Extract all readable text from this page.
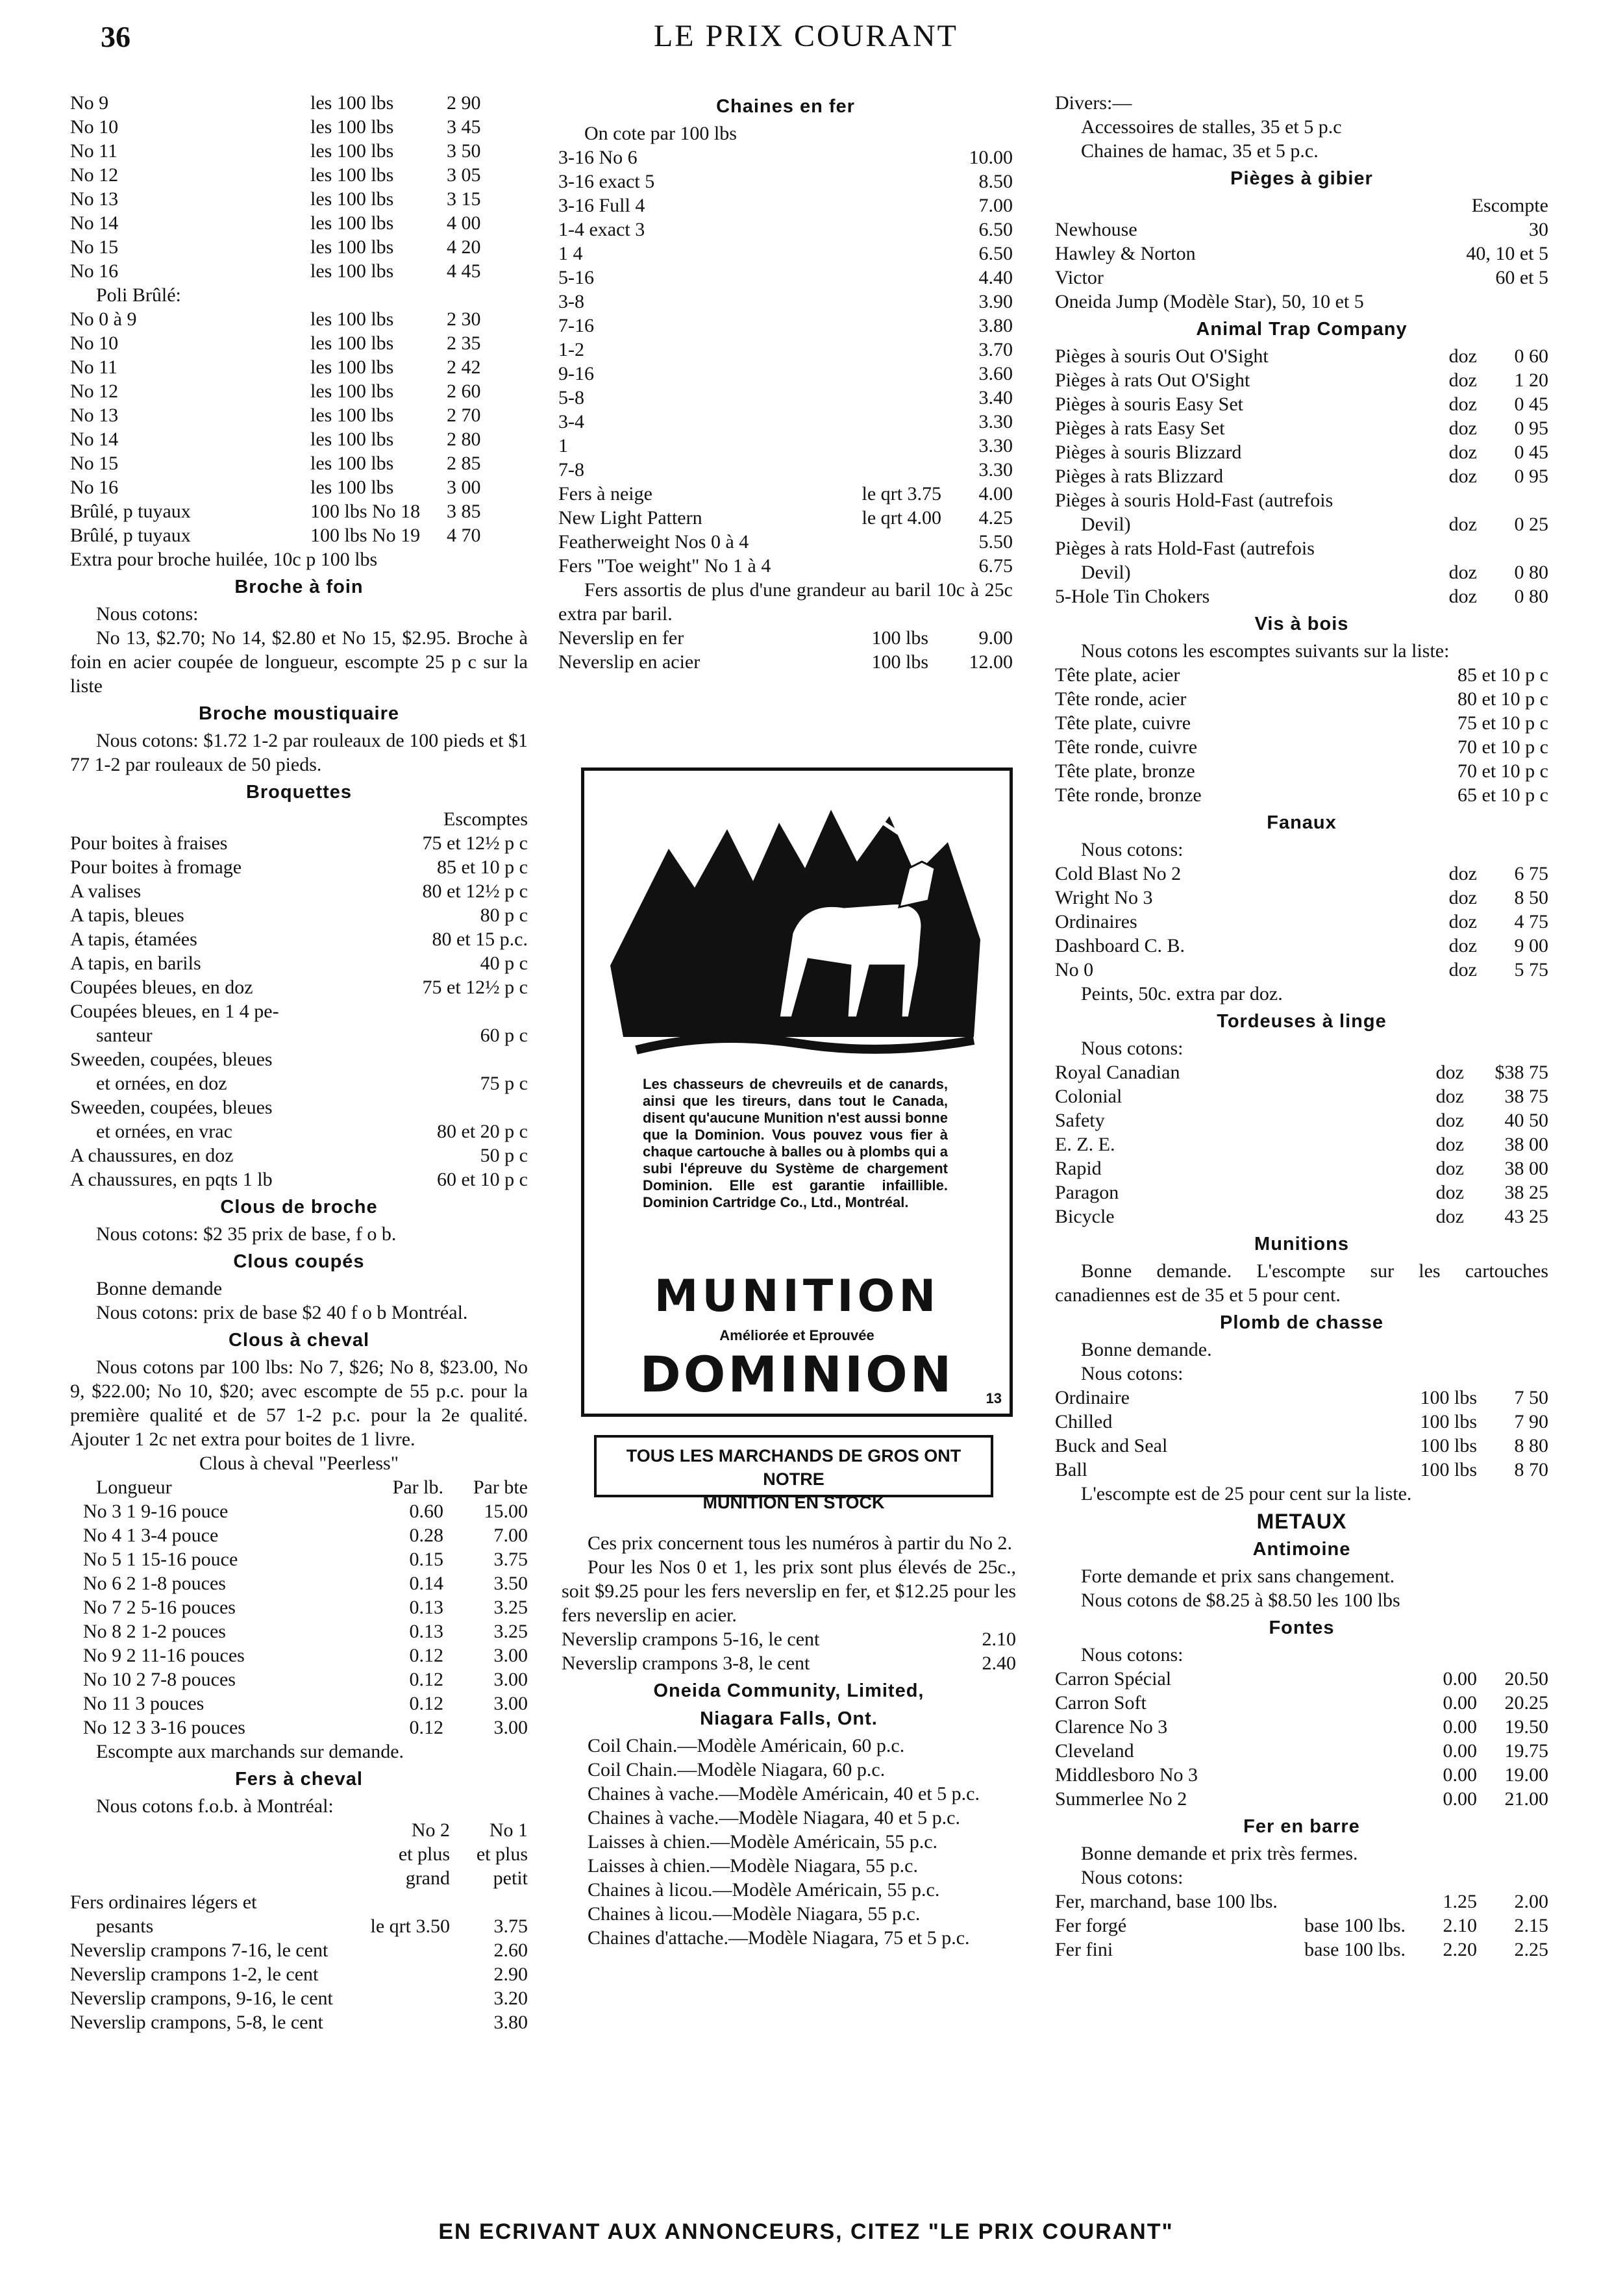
36	LE PRIX COURANT
No 9	les 100 lbs	2 90
No 10	les 100 lbs	3 45
No 11	les 100 lbs	3 50
No 12	les 100 lbs	3 05
No 13	les 100 lbs	3 15
No 14	les 100 lbs	4 00
No 15	les 100 lbs	4 20
No 16	les 100 lbs	4 45
Poli Brûlé:
No 0 à 9	les 100 lbs	2 30
No 10	les 100 lbs	2 35
No 11	les 100 lbs	2 42
No 12	les 100 lbs	2 60
No 13	les 100 lbs	2 70
No 14	les 100 lbs	2 80
No 15	les 100 lbs	2 85
No 16	les 100 lbs	3 00
Brûlé, p tuyaux	100 lbs No 18	3 85
Brûlé, p tuyaux	100 lbs No 19	4 70
Extra pour broche huilée, 10c p 100 lbs
Broche à foin
Nous cotons:
No 13, $2.70; No 14, $2.80 et No 15, $2.95. Broche à foin en acier coupée de longueur, escompte 25 p c sur la liste
Broche moustiquaire
Nous cotons: $1.72 1-2 par rouleaux de 100 pieds et $1 77 1-2 par rouleaux de 50 pieds.
Broquettes
Escomptes
Pour boites à fraises	75 et 12½ p c
Pour boites à fromage	85 et 10 p c
A valises	80 et 12½ p c
A tapis, bleues	80 p c
A tapis, étamées	80 et 15 p.c.
A tapis, en barils	40 p c
Coupées bleues, en doz	75 et 12½ p c
Coupées bleues, en 1 4 pe-
santeur	60 p c
Sweeden, coupées, bleues
et ornées, en doz	75 p c
Sweeden, coupées, bleues
et ornées, en vrac	80 et 20 p c
A chaussures, en doz	50 p c
A chaussures, en pqts 1 lb	60 et 10 p c
Clous de broche
Nous cotons: $2 35 prix de base, f o b.
Clous coupés
Bonne demande
Nous cotons: prix de base $2 40 f o b Montréal.
Clous à cheval
Nous cotons par 100 lbs: No 7, $26; No 8, $23.00, No 9, $22.00; No 10, $20; avec escompte de 55 p.c. pour la première qualité et de 57 1-2 p.c. pour la 2e qualité. Ajouter 1 2c net extra pour boites de 1 livre.
Clous à cheval "Peerless"
Longueur	Par lb.	Par bte
No 3 1 9-16 pouce	0.60	15.00
No 4 1 3-4 pouce	0.28	7.00
No 5 1 15-16 pouce	0.15	3.75
No 6 2 1-8 pouces	0.14	3.50
No 7 2 5-16 pouces	0.13	3.25
No 8 2 1-2 pouces	0.13	3.25
No 9 2 11-16 pouces	0.12	3.00
No 10 2 7-8 pouces	0.12	3.00
No 11 3 pouces	0.12	3.00
No 12 3 3-16 pouces	0.12	3.00
Escompte aux marchands sur demande.
Fers à cheval
Nous cotons f.o.b. à Montréal:
No 2	No 1
et plus	et plus
grand	petit
Fers ordinaires légers et
pesants	le qrt 3.50	3.75
Neverslip crampons 7-16, le cent	2.60
Neverslip crampons 1-2, le cent	2.90
Neverslip crampons, 9-16, le cent	3.20
Neverslip crampons, 5-8, le cent	3.80
Chaines en fer
On cote par 100 lbs
3-16 No 6	10.00
3-16 exact 5	8.50
3-16 Full 4	7.00
1-4 exact 3	6.50
1 4	6.50
5-16	4.40
3-8	3.90
7-16	3.80
1-2	3.70
9-16	3.60
5-8	3.40
3-4	3.30
1	3.30
7-8	3.30
Fers à neige	le qrt 3.75	4.00
New Light Pattern	le qrt 4.00	4.25
Featherweight Nos 0 à 4	5.50
Fers "Toe weight" No 1 à 4	6.75
Fers assortis de plus d'une grandeur au baril 10c à 25c extra par baril.
Neverslip en fer	100 lbs	9.00
Neverslip en acier	100 lbs	12.00
Les chasseurs de chevreuils et de canards, ainsi que les tireurs, dans tout le Canada, disent qu'aucune Munition n'est aussi bonne que la Dominion. Vous pouvez vous fier à chaque cartouche à balles ou à plombs qui a subi l'épreuve du Système de chargement Dominion. Elle est garantie infaillible. Dominion Cartridge Co., Ltd., Montréal.
MUNITION
Améliorée et Eprouvée
DOMINION	13
TOUS LES MARCHANDS DE GROS ONT NOTRE
MUNITION EN STOCK
Ces prix concernent tous les numéros à partir du No 2.
Pour les Nos 0 et 1, les prix sont plus élevés de 25c., soit $9.25 pour les fers neverslip en fer, et $12.25 pour les fers neverslip en acier.
Neverslip crampons 5-16, le cent	2.10
Neverslip crampons 3-8, le cent	2.40
Oneida Community, Limited,
Niagara Falls, Ont.
Coil Chain.—Modèle Américain, 60 p.c.
Coil Chain.—Modèle Niagara, 60 p.c.
Chaines à vache.—Modèle Américain, 40 et 5 p.c.
Chaines à vache.—Modèle Niagara, 40 et 5 p.c.
Laisses à chien.—Modèle Américain, 55 p.c.
Laisses à chien.—Modèle Niagara, 55 p.c.
Chaines à licou.—Modèle Américain, 55 p.c.
Chaines à licou.—Modèle Niagara, 55 p.c.
Chaines d'attache.—Modèle Niagara, 75 et 5 p.c.
Divers:—
Accessoires de stalles, 35 et 5 p.c
Chaines de hamac, 35 et 5 p.c.
Pièges à gibier
Escompte
Newhouse	30
Hawley & Norton	40, 10 et 5
Victor	60 et 5
Oneida Jump (Modèle Star), 50, 10 et 5
Animal Trap Company
Pièges à souris Out O'Sight	doz	0 60
Pièges à rats Out O'Sight	doz	1 20
Pièges à souris Easy Set	doz	0 45
Pièges à rats Easy Set	doz	0 95
Pièges à souris Blizzard	doz	0 45
Pièges à rats Blizzard	doz	0 95
Pièges à souris Hold-Fast (autrefois
Devil)	doz	0 25
Pièges à rats Hold-Fast (autrefois
Devil)	doz	0 80
5-Hole Tin Chokers	doz	0 80
Vis à bois
Nous cotons les escomptes suivants sur la liste:
Tête plate, acier	85 et 10 p c
Tête ronde, acier	80 et 10 p c
Tête plate, cuivre	75 et 10 p c
Tête ronde, cuivre	70 et 10 p c
Tête plate, bronze	70 et 10 p c
Tête ronde, bronze	65 et 10 p c
Fanaux
Nous cotons:
Cold Blast No 2	doz	6 75
Wright No 3	doz	8 50
Ordinaires	doz	4 75
Dashboard C. B.	doz	9 00
No 0	doz	5 75
Peints, 50c. extra par doz.
Tordeuses à linge
Nous cotons:
Royal Canadian	doz	$38 75
Colonial	doz	38 75
Safety	doz	40 50
E. Z. E.	doz	38 00
Rapid	doz	38 00
Paragon	doz	38 25
Bicycle	doz	43 25
Munitions
Bonne demande. L'escompte sur les cartouches canadiennes est de 35 et 5 pour cent.
Plomb de chasse
Bonne demande.
Nous cotons:
Ordinaire	100 lbs	7 50
Chilled	100 lbs	7 90
Buck and Seal	100 lbs	8 80
Ball	100 lbs	8 70
L'escompte est de 25 pour cent sur la liste.
METAUX
Antimoine
Forte demande et prix sans changement.
Nous cotons de $8.25 à $8.50 les 100 lbs
Fontes
Nous cotons:
Carron Spécial	0.00	20.50
Carron Soft	0.00	20.25
Clarence No 3	0.00	19.50
Cleveland	0.00	19.75
Middlesboro No 3	0.00	19.00
Summerlee No 2	0.00	21.00
Fer en barre
Bonne demande et prix très fermes.
Nous cotons:
Fer, marchand, base 100 lbs.	1.25	2.00
Fer forgé	base 100 lbs.	2.10	2.15
Fer fini	base 100 lbs.	2.20	2.25
EN ECRIVANT AUX ANNONCEURS, CITEZ "LE PRIX COURANT"
